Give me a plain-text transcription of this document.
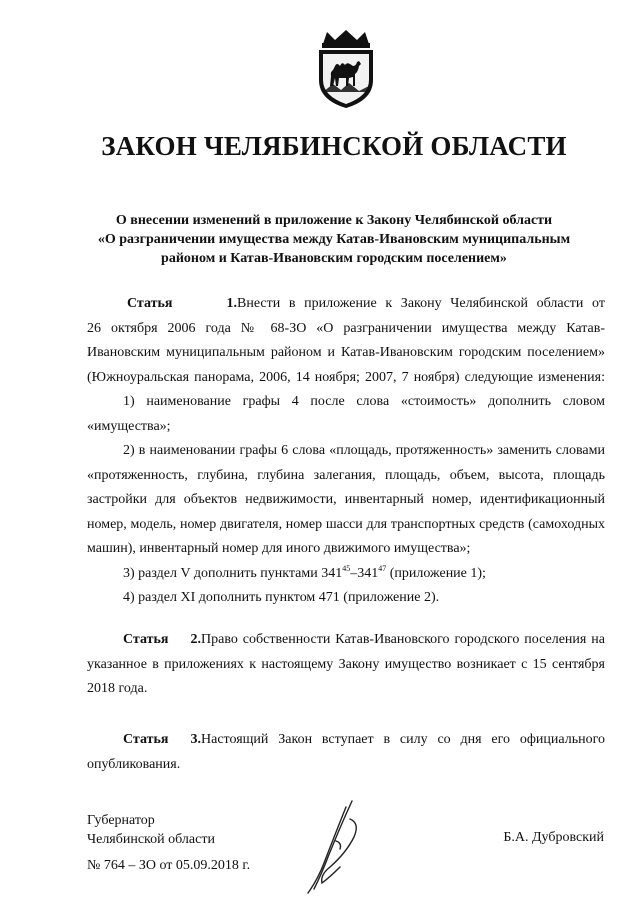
ЗАКОН ЧЕЛЯБИНСКОЙ ОБЛАСТИ
О внесении изменений в приложение к Закону Челябинской области
«О разграничении имущества между Катав-Ивановским муниципальным
районом и Катав-Ивановским городским поселением»
Статья 1. Внести в приложение к Закону Челябинской области от
26 октября 2006 года № 68-ЗО «О разграничении имущества между Катав-
Ивановским муниципальным районом и Катав-Ивановским городским поселением»
(Южноуральская панорама, 2006, 14 ноября; 2007, 7 ноября) следующие изменения:
1) наименование графы 4 после слова «стоимость» дополнить словом
«имущества»;
2) в наименовании графы 6 слова «площадь, протяженность» заменить словами
«протяженность, глубина, глубина залегания, площадь, объем, высота, площадь
застройки для объектов недвижимости, инвентарный номер, идентификационный
номер, модель, номер двигателя, номер шасси для транспортных средств (самоходных
машин), инвентарный номер для иного движимого имущества»;
3) раздел V дополнить пунктами $341^{45}-341^{47}$ (приложение 1);
4) раздел XI дополнить пунктом 471 (приложение 2).
Статья 2. Право собственности Катав-Ивановского городского поселения на
указанное в приложениях к настоящему Закону имущество возникает с 15 сентября
2018 года.
Статья 3. Настоящий Закон вступает в силу со дня его официального
опубликования.
Губернатор
Челябинской области	Б.А. Дубровский
№ 764 – ЗО от 05.09.2018 г.
